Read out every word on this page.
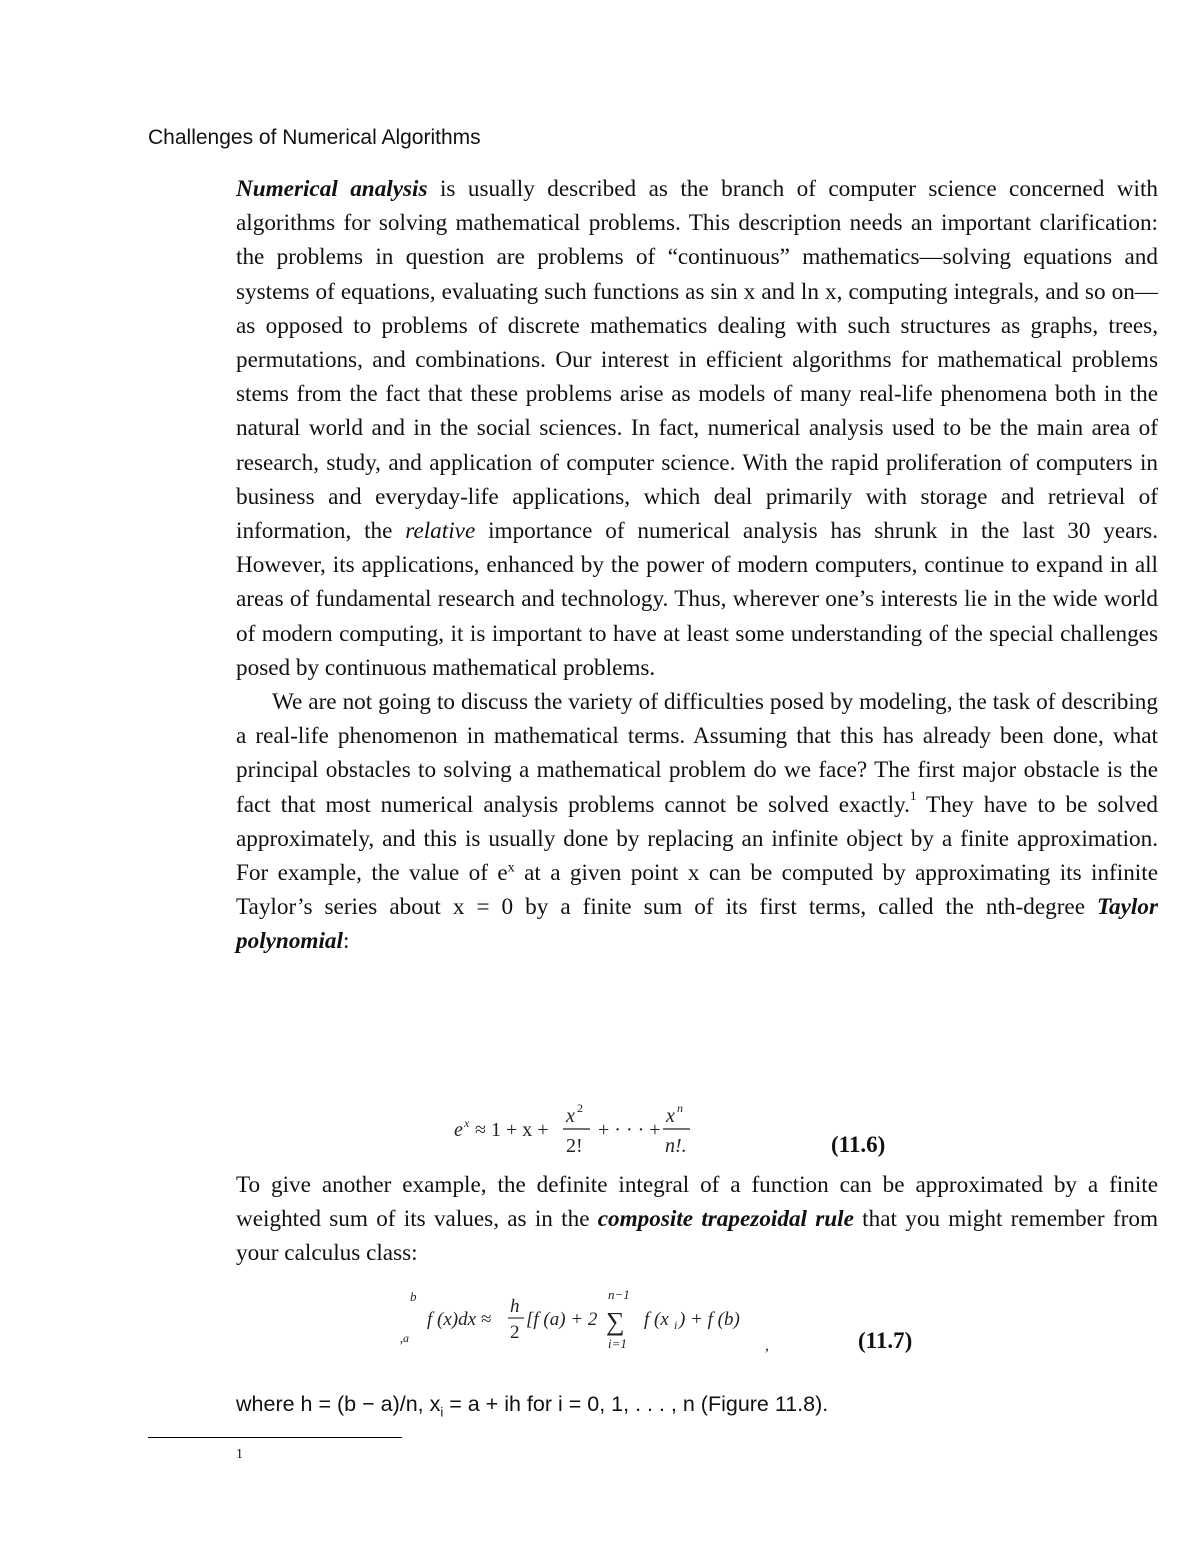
Challenges of Numerical Algorithms

Numerical analysis is usually described as the branch of computer science concerned with algorithms for solving mathematical problems. This description needs an important clarification: the problems in question are problems of “continuous” mathematics—solving equations and systems of equations, evaluating such functions as sin x and ln x, computing integrals, and so on—as opposed to problems of discrete mathematics dealing with such structures as graphs, trees, permutations, and combinations. Our interest in efficient algorithms for mathematical problems stems from the fact that these problems arise as models of many real-life phenomena both in the natural world and in the social sciences. In fact, numerical analysis used to be the main area of research, study, and application of computer science. With the rapid proliferation of computers in business and everyday-life applications, which deal primarily with storage and retrieval of information, the relative importance of numerical analysis has shrunk in the last 30 years. However, its applications, enhanced by the power of modern computers, continue to expand in all areas of fundamental research and technology. Thus, wherever one’s interests lie in the wide world of modern computing, it is important to have at least some understanding of the special challenges posed by continuous mathematical problems.

We are not going to discuss the variety of difficulties posed by modeling, the task of describing a real-life phenomenon in mathematical terms. Assuming that this has already been done, what principal obstacles to solving a mathematical problem do we face? The first major obstacle is the fact that most numerical analysis problems cannot be solved exactly.$^1$ They have to be solved approximately, and this is usually done by replacing an infinite object by a finite approximation. For example, the value of $e^x$ at a given point x can be computed by approximating its infinite Taylor’s series about x = 0 by a finite sum of its first terms, called the nth-degree Taylor polynomial:

e x ≈ 1 + x +
x 2
2!
+ · · · +
x n
n!.	(11.6)

To give another example, the definite integral of a function can be approximated by a finite weighted sum of its values, as in the composite trapezoidal rule that you might remember from your calculus class:

b
ʼ
a
f (x)dx ≈
h
2
[f (a) + 2
n−1
∑
i=1
f (x i ) + f (b)
,	(11.7)
where h = (b − a)/n, $x_i = a$ + ih for i = 0, 1, . . . , n (Figure 11.8).
1
